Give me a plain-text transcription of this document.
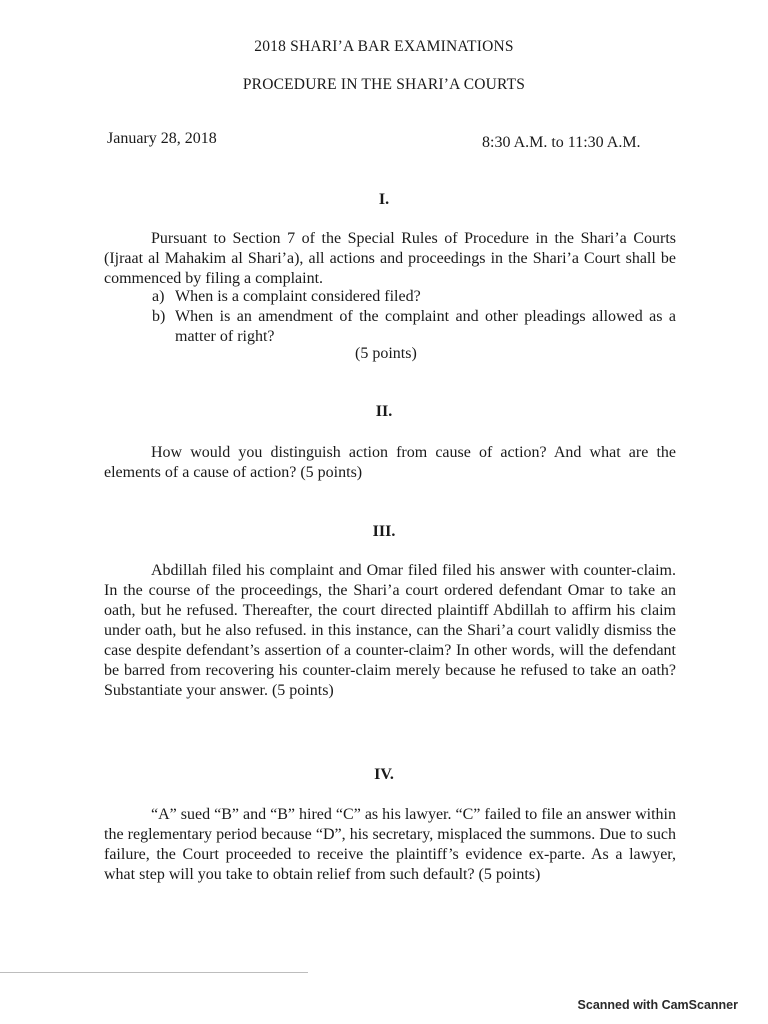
2018 SHARI’A BAR EXAMINATIONS
PROCEDURE IN THE SHARI’A COURTS
January 28, 2018	8:30 A.M. to 11:30 A.M.
I.

Pursuant to Section 7 of the Special Rules of Procedure in the Shari’a Courts (Ijraat al Mahakim al Shari’a), all actions and proceedings in the Shari’a Court shall be commenced by filing a complaint.

a) When is a complaint considered filed?
b) When is an amendment of the complaint and other pleadings allowed as a matter of right?
(5 points)
II.

How would you distinguish action from cause of action? And what are the elements of a cause of action? (5 points)

III.

Abdillah filed his complaint and Omar filed filed his answer with counter-claim. In the course of the proceedings, the Shari’a court ordered defendant Omar to take an oath, but he refused. Thereafter, the court directed plaintiff Abdillah to affirm his claim under oath, but he also refused. in this instance, can the Shari’a court validly dismiss the case despite defendant’s assertion of a counter-claim? In other words, will the defendant be barred from recovering his counter-claim merely because he refused to take an oath? Substantiate your answer. (5 points)

IV.

“A” sued “B” and “B” hired “C” as his lawyer. “C” failed to file an answer within the reglementary period because “D”, his secretary, misplaced the summons. Due to such failure, the Court proceeded to receive the plaintiff’s evidence ex-parte. As a lawyer, what step will you take to obtain relief from such default? (5 points)

Scanned with CamScanner
